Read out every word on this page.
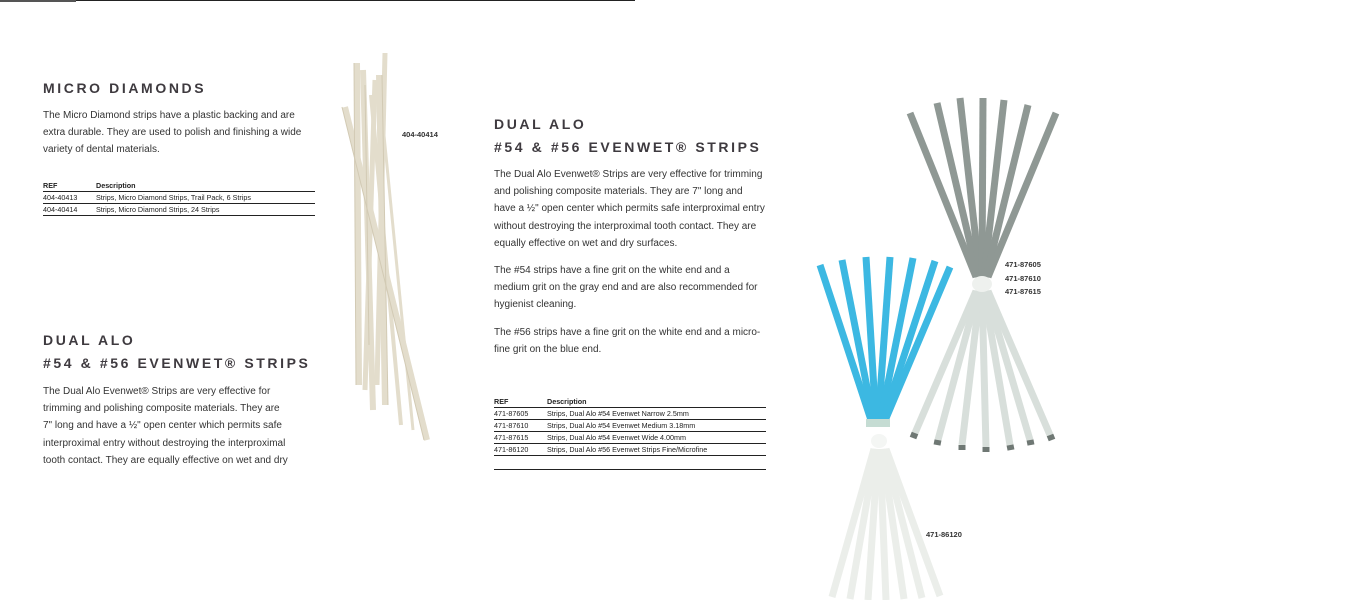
MICRO DIAMONDS

The Micro Diamond strips have a plastic backing and are extra durable. They are used to polish and finishing a wide variety of dental materials.

REF	Description
404-40413	Strips, Micro Diamond Strips, Trail Pack, 6 Strips
404-40414	Strips, Micro Diamond Strips, 24 Strips
404-40414
DUAL ALO
#54 & #56 EVENWET® STRIPS
The Dual Alo Evenwet® Strips are very effective for
trimming and polishing composite materials. They are
7" long and have a ½" open center which permits safe
interproximal entry without destroying the interproximal
tooth contact. They are equally effective on wet and dry
DUAL ALO
#54 & #56 EVENWET® STRIPS

The Dual Alo Evenwet® Strips are very effective for trimming and polishing composite materials. They are 7" long and have a ½" open center which permits safe interproximal entry without destroying the interproximal tooth contact. They are equally effective on wet and dry surfaces.

The #54 strips have a fine grit on the white end and a medium grit on the gray end and are also recommended for hygienist cleaning.

The #56 strips have a fine grit on the white end and a micro-fine grit on the blue end.

REF	Description
471-87605	Strips, Dual Alo #54 Evenwet Narrow 2.5mm
471-87610	Strips, Dual Alo #54 Evenwet Medium 3.18mm
471-87615	Strips, Dual Alo #54 Evenwet Wide 4.00mm
471-86120	Strips, Dual Alo #56 Evenwet Strips Fine/Microfine
471-87605
471-87610
471-87615
471-86120
